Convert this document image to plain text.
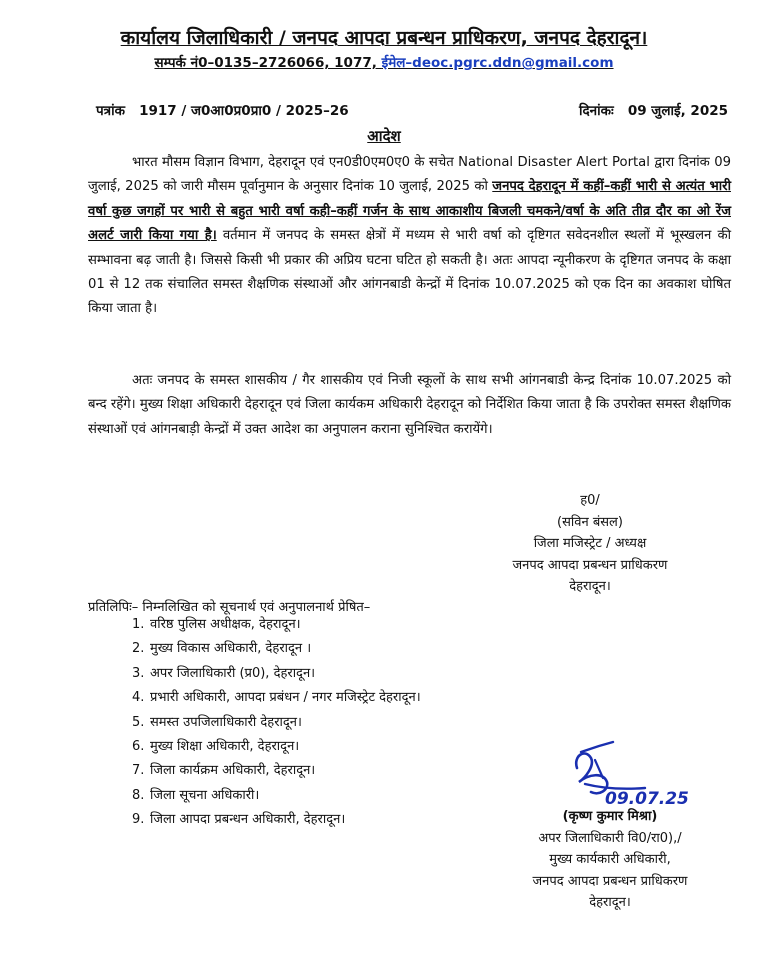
कार्यालय जिलाधिकारी / जनपद आपदा प्रबन्धन प्राधिकरण, जनपद देहरादून।
सम्पर्क नं0–0135–2726066, 1077, ईमेल–deoc.pgrc.ddn@gmail.com
पत्रांक 1917 / ज0आ0प्र0प्रा0 / 2025–26	दिनांकः 09 जुलाई, 2025
आदेश

भारत मौसम विज्ञान विभाग, देहरादून एवं एन0डी0एम0ए0 के सचेत National Disaster Alert Portal द्वारा दिनांक 09 जुलाई, 2025 को जारी मौसम पूर्वानुमान के अनुसार दिनांक 10 जुलाई, 2025 को जनपद देहरादून में कहीं–कहीं भारी से अत्यंत भारी वर्षा कुछ जगहों पर भारी से बहुत भारी वर्षा कही–कहीं गर्जन के साथ आकाशीय बिजली चमकने/वर्षा के अति तीव्र दौर का ओ रेंज अलर्ट जारी किया गया है। वर्तमान में जनपद के समस्त क्षेत्रों में मध्यम से भारी वर्षा को दृष्टिगत सवेदनशील स्थलों में भूस्खलन की सम्भावना बढ़ जाती है। जिससे किसी भी प्रकार की अप्रिय घटना घटित हो सकती है। अतः आपदा न्यूनीकरण के दृष्टिगत जनपद के कक्षा 01 से 12 तक संचालित समस्त शैक्षणिक संस्थाओं और आंगनबाडी केन्द्रों में दिनांक 10.07.2025 को एक दिन का अवकाश घोषित किया जाता है।

अतः जनपद के समस्त शासकीय / गैर शासकीय एवं निजी स्कूलों के साथ सभी आंगनबाडी केन्द्र दिनांक 10.07.2025 को बन्द रहेंगे। मुख्य शिक्षा अधिकारी देहरादून एवं जिला कार्यकम अधिकारी देहरादून को निर्देशित किया जाता है कि उपरोक्त समस्त शैक्षणिक संस्थाओं एवं आंगनबाड़ी केन्द्रों में उक्त आदेश का अनुपालन कराना सुनिश्चित करायेंगे।

ह0/
(सविन बंसल)
जिला मजिस्ट्रेट / अध्यक्ष
जनपद आपदा प्रबन्धन प्राधिकरण
देहरादून।
प्रतिलिपिः– निम्नलिखित को सूचनार्थ एवं अनुपालनार्थ प्रेषित–
1. वरिष्ठ पुलिस अधीक्षक, देहरादून।
2. मुख्य विकास अधिकारी, देहरादून ।
3. अपर जिलाधिकारी (प्र0), देहरादून।
4. प्रभारी अधिकारी, आपदा प्रबंधन / नगर मजिस्ट्रेट देहरादून।
5. समस्त उपजिलाधिकारी देहरादून।
6. मुख्य शिक्षा अधिकारी, देहरादून।
7. जिला कार्यक्रम अधिकारी, देहरादून।
8. जिला सूचना अधिकारी।
9. जिला आपदा प्रबन्धन अधिकारी, देहरादून।
09.07.25
(कृष्ण कुमार मिश्रा)
अपर जिलाधिकारी वि0/रा0),/
मुख्य कार्यकारी अधिकारी,
जनपद आपदा प्रबन्धन प्राधिकरण
देहरादून।
